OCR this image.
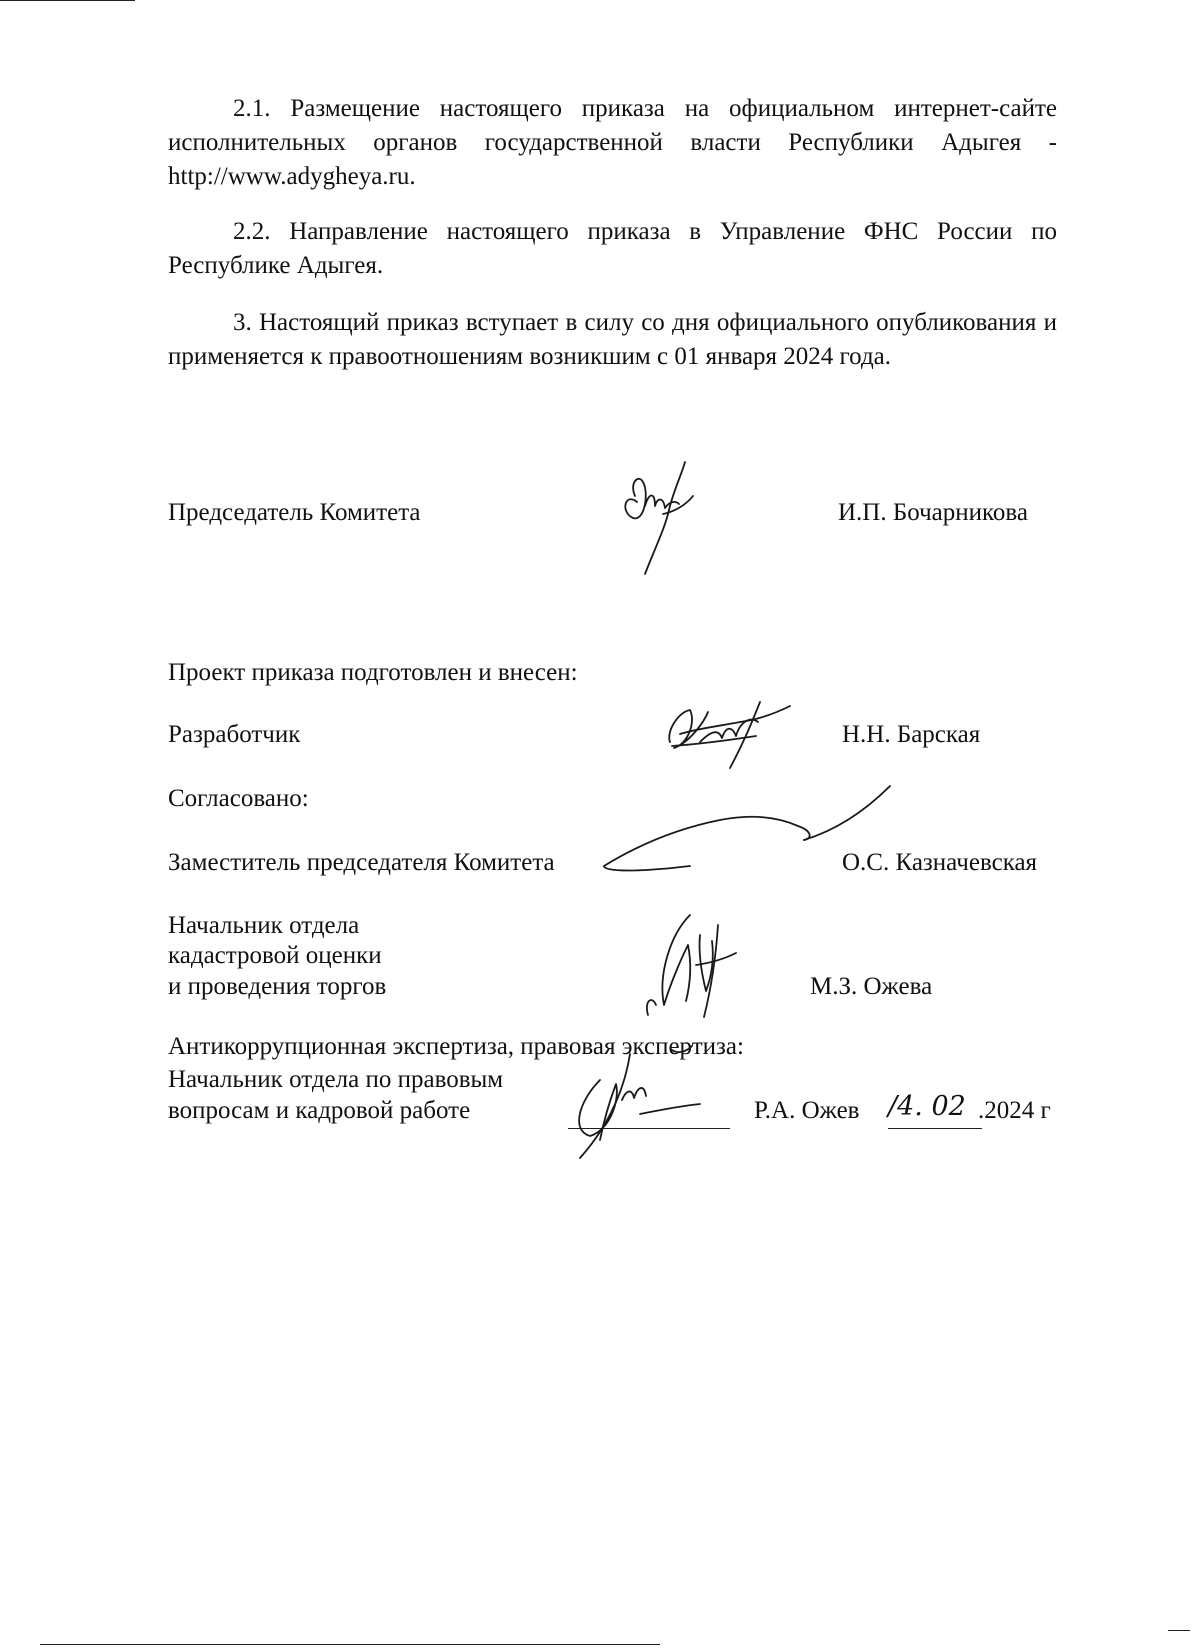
2.1. Размещение настоящего приказа на официальном интернет-сайте исполнительных органов государственной власти Республики Адыгея - http://www.adygheya.ru.
2.2. Направление настоящего приказа в Управление ФНС России по Республике Адыгея.
3. Настоящий приказ вступает в силу со дня официального опубликования и применяется к правоотношениям возникшим с 01 января 2024 года.
Председатель Комитета	И.П. Бочарникова
Проект приказа подготовлен и внесен:
Разработчик	Н.Н. Барская
Согласовано:
Заместитель председателя Комитета	О.С. Казначевская
Начальник отдела
кадастровой оценки
и проведения торгов	М.З. Ожева
Антикоррупционная экспертиза, правовая экспертиза:
Начальник отдела по правовым
вопросам и кадровой работе	Р.А. Ожев /4. 02 .2024 г
